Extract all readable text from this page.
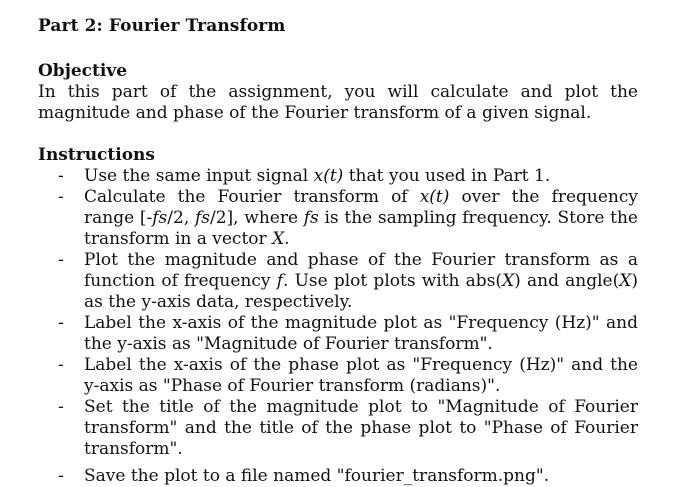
Part 2: Fourier Transform
Objective

In this part of the assignment, you will calculate and plot the magnitude and phase of the Fourier transform of a given signal.

Instructions
- Use the same input signal x(t) that you used in Part 1.
- Calculate the Fourier transform of x(t) over the frequency range [-fs/2, fs/2], where fs is the sampling frequency. Store the transform in a vector X.
- Plot the magnitude and phase of the Fourier transform as a function of frequency f. Use plot plots with abs(X) and angle(X) as the y-axis data, respectively.
- Label the x-axis of the magnitude plot as "Frequency (Hz)" and the y-axis as "Magnitude of Fourier transform".
- Label the x-axis of the phase plot as "Frequency (Hz)" and the y-axis as "Phase of Fourier transform (radians)".
- Set the title of the magnitude plot to "Magnitude of Fourier transform" and the title of the phase plot to "Phase of Fourier transform".
- Save the plot to a file named "fourier_transform.png".
